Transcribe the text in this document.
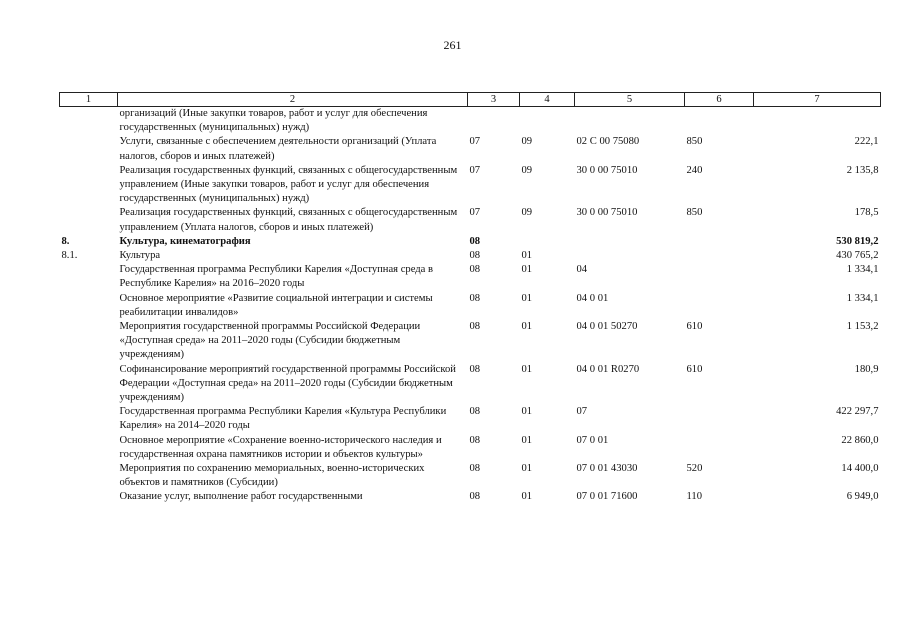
261
1	2	3	4	5	6	7
	организаций (Иные закупки товаров, работ и услуг для обеспечения государственных (муниципальных) нужд)					
	Услуги, связанные с обеспечением деятельности организаций (Уплата налогов, сборов и иных платежей)	07	09	02 С 00 75080	850	222,1
	Реализация государственных функций, связанных с общегосударственным управлением (Иные закупки товаров, работ и услуг для обеспечения государственных (муниципальных) нужд)	07	09	30 0 00 75010	240	2 135,8
	Реализация государственных функций, связанных с общегосударственным управлением (Уплата налогов, сборов и иных платежей)	07	09	30 0 00 75010	850	178,5
8.	Культура, кинематография	08				530 819,2
8.1.	Культура	08	01			430 765,2
	Государственная программа Республики Карелия «Доступная среда в Республике Карелия» на 2016–2020 годы	08	01	04		1 334,1
	Основное мероприятие «Развитие социальной интеграции и системы реабилитации инвалидов»	08	01	04 0 01		1 334,1
	Мероприятия государственной программы Российской Федерации «Доступная среда» на 2011–2020 годы (Субсидии бюджетным учреждениям)	08	01	04 0 01 50270	610	1 153,2
	Софинансирование мероприятий государственной программы Российской Федерации «Доступная среда» на 2011–2020 годы (Субсидии бюджетным учреждениям)	08	01	04 0 01 R0270	610	180,9
	Государственная программа Республики Карелия «Культура Республики Карелия» на 2014–2020 годы	08	01	07		422 297,7
	Основное мероприятие «Сохранение военно-исторического наследия и государственная охрана памятников истории и объектов культуры»	08	01	07 0 01		22 860,0
	Мероприятия по сохранению мемориальных, военно-исторических объектов и памятников (Субсидии)	08	01	07 0 01 43030	520	14 400,0
	Оказание услуг, выполнение работ государственными	08	01	07 0 01 71600	110	6 949,0
